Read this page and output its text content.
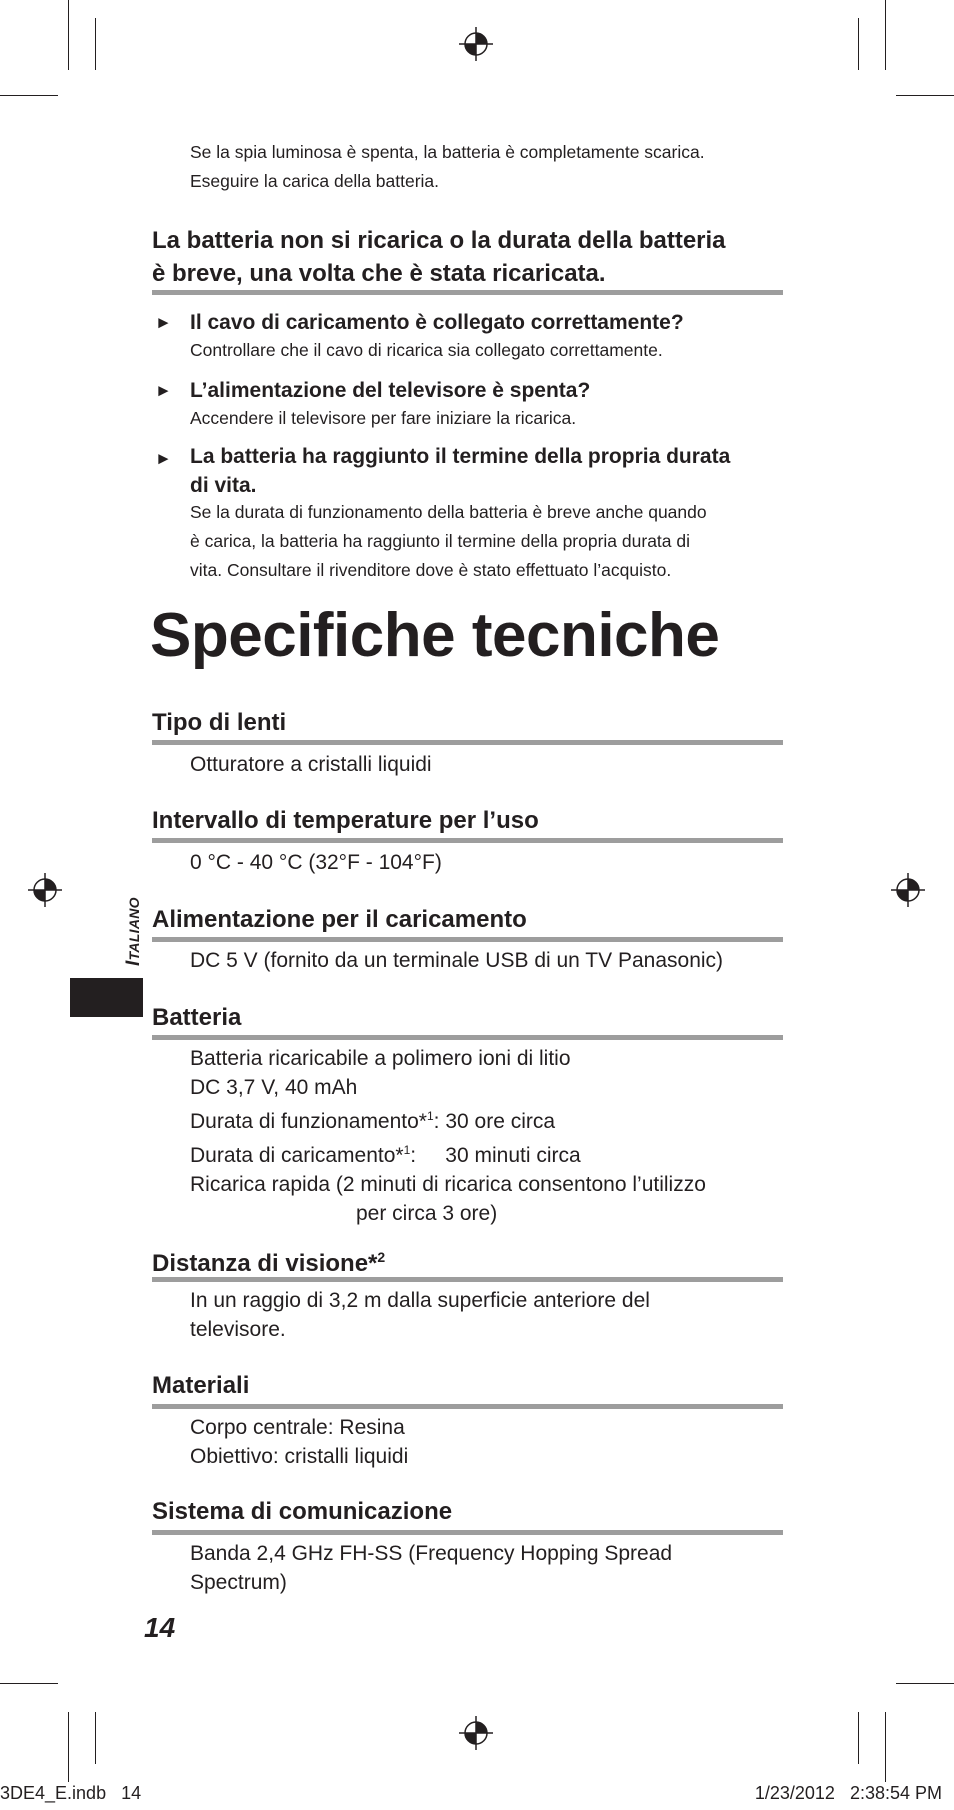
Se la spia luminosa è spenta, la batteria è completamente scarica.
Eseguire la carica della batteria.
La batteria non si ricarica o la durata della batteria
è breve, una volta che è stata ricaricata.
► Il cavo di caricamento è collegato correttamente?
Controllare che il cavo di ricarica sia collegato correttamente.
► L’alimentazione del televisore è spenta?
Accendere il televisore per fare iniziare la ricarica.
► La batteria ha raggiunto il termine della propria durata
di vita.
Se la durata di funzionamento della batteria è breve anche quando
è carica, la batteria ha raggiunto il termine della propria durata di
vita. Consultare il rivenditore dove è stato effettuato l’acquisto.
Specifiche tecniche
Tipo di lenti
Otturatore a cristalli liquidi
Intervallo di temperature per l’uso
0 °C - 40 °C (32°F - 104°F)
Alimentazione per il caricamento
DC 5 V (fornito da un terminale USB di un TV Panasonic)
Batteria
Batteria ricaricabile a polimero ioni di litio
DC 3,7 V, 40 mAh
Durata di funzionamento*$^1$: 30 ore circa
Durata di caricamento*$^1$:     30 minuti circa
Ricarica rapida (2 minuti di ricarica consentono l’utilizzo
per circa 3 ore)
Distanza di visione*$^2$
In un raggio di 3,2 m dalla superficie anteriore del
televisore.
Materiali
Corpo centrale: Resina
Obiettivo: cristalli liquidi
Sistema di comunicazione
Banda 2,4 GHz FH-SS (Frequency Hopping Spread
Spectrum)
ITALIANO
14
3DE4_E.indb   14	1/23/2012   2:38:54 PM
